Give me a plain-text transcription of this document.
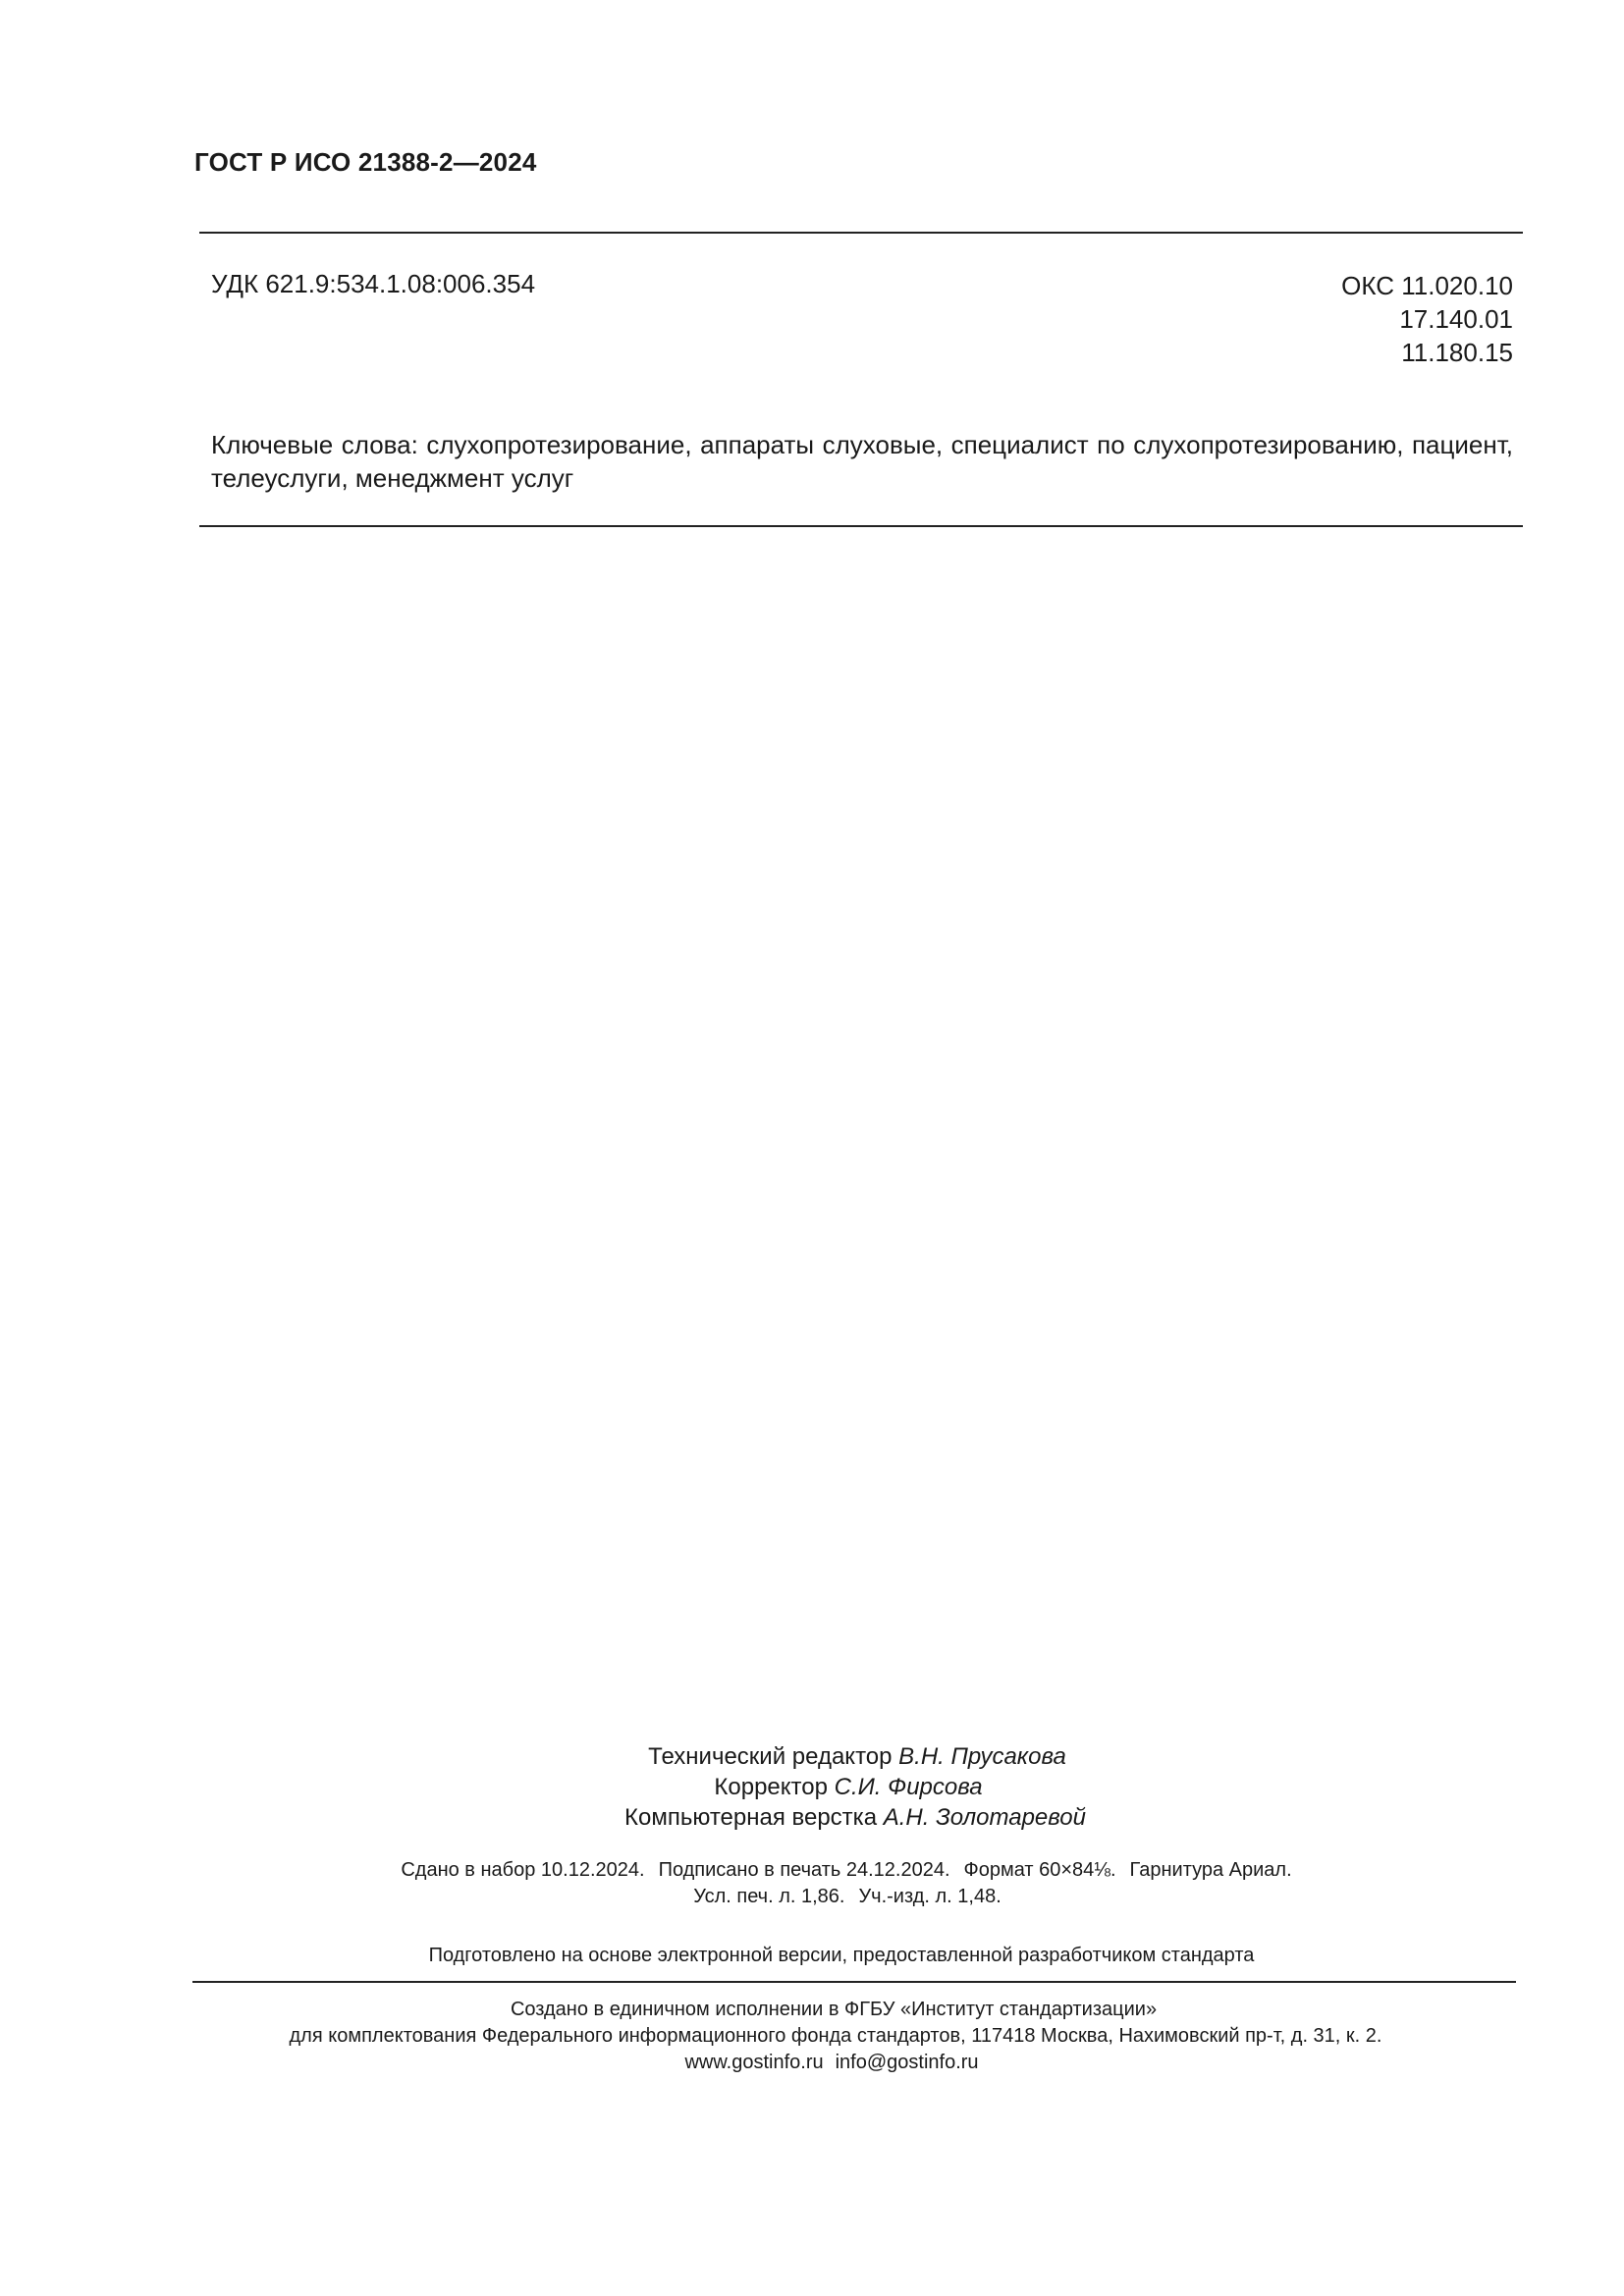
ГОСТ Р ИСО 21388-2—2024
УДК 621.9:534.1.08:006.354	ОКС 11.020.10
17.140.01
11.180.15
Ключевые слова: слухопротезирование, аппараты слуховые, специалист по слухопротезированию, пациент, телеуслуги, менеджмент услуг
Технический редактор В.Н. Прусакова
Корректор С.И. Фирсова
Компьютерная верстка А.Н. Золотаревой
Сдано в набор 10.12.2024. Подписано в печать 24.12.2024. Формат 60×84⅛. Гарнитура Ариал.
Усл. печ. л. 1,86. Уч.-изд. л. 1,48.
Подготовлено на основе электронной версии, предоставленной разработчиком стандарта
Создано в единичном исполнении в ФГБУ «Институт стандартизации»
для комплектования Федерального информационного фонда стандартов, 117418 Москва, Нахимовский пр-т, д. 31, к. 2.
www.gostinfo.ru info@gostinfo.ru
